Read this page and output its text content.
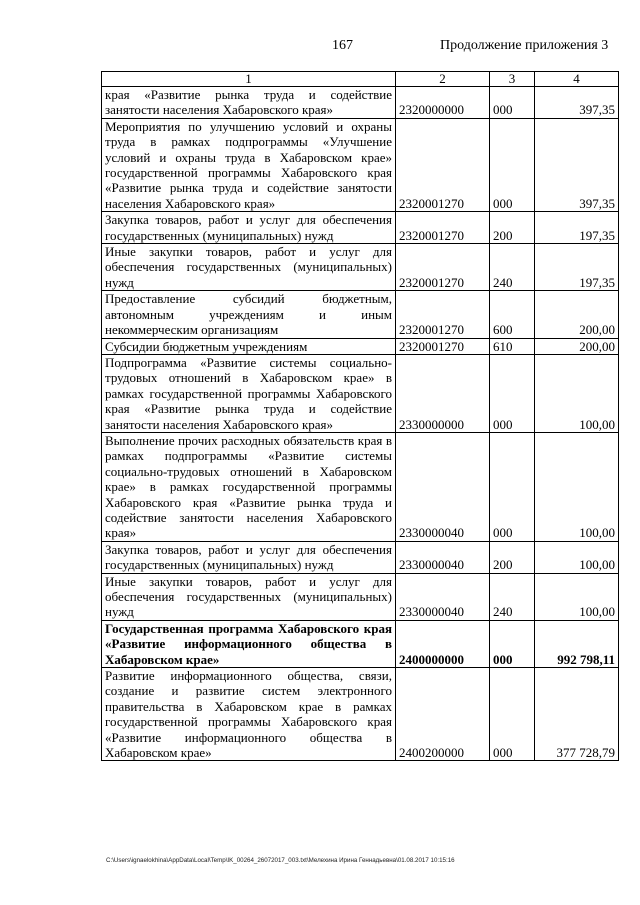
167	Продолжение приложения 3
1	2	3	4
края «Развитие рынка труда и содействие занятости населения Хабаровского края»	2320000000	000	397,35
Мероприятия по улучшению условий и охраны труда в рамках подпрограммы «Улучшение условий и охраны труда в Хабаровском крае» государственной программы Хабаровского края «Развитие рынка труда и содействие занятости населения Хабаровского края»	2320001270	000	397,35
Закупка товаров, работ и услуг для обеспечения государственных (муниципальных) нужд	2320001270	200	197,35
Иные закупки товаров, работ и услуг для обеспечения государственных (муниципальных) нужд	2320001270	240	197,35
Предоставление субсидий бюджетным, автономным учреждениям и иным некоммерческим организациям	2320001270	600	200,00
Субсидии бюджетным учреждениям	2320001270	610	200,00
Подпрограмма «Развитие системы социально-трудовых отношений в Хабаровском крае» в рамках государственной программы Хабаровского края «Развитие рынка труда и содействие занятости населения Хабаровского края»	2330000000	000	100,00
Выполнение прочих расходных обязательств края в рамках подпрограммы «Развитие системы социально-трудовых отношений в Хабаровском крае» в рамках государственной программы Хабаровского края «Развитие рынка труда и содействие занятости населения Хабаровского края»	2330000040	000	100,00
Закупка товаров, работ и услуг для обеспечения государственных (муниципальных) нужд	2330000040	200	100,00
Иные закупки товаров, работ и услуг для обеспечения государственных (муниципальных) нужд	2330000040	240	100,00
Государственная программа Хабаровского края «Развитие информационного общества в Хабаровском крае»	2400000000	000	992 798,11
Развитие информационного общества, связи, создание и развитие систем электронного правительства в Хабаровском крае в рамках государственной программы Хабаровского края «Развитие информационного общества в Хабаровском крае»	2400200000	000	377 728,79
C:\Users\ignaelokhina\AppData\Local\Temp\IK_00264_26072017_003.txt\Мелехина Ирина Геннадьевна\01.08.2017 10:15:16
